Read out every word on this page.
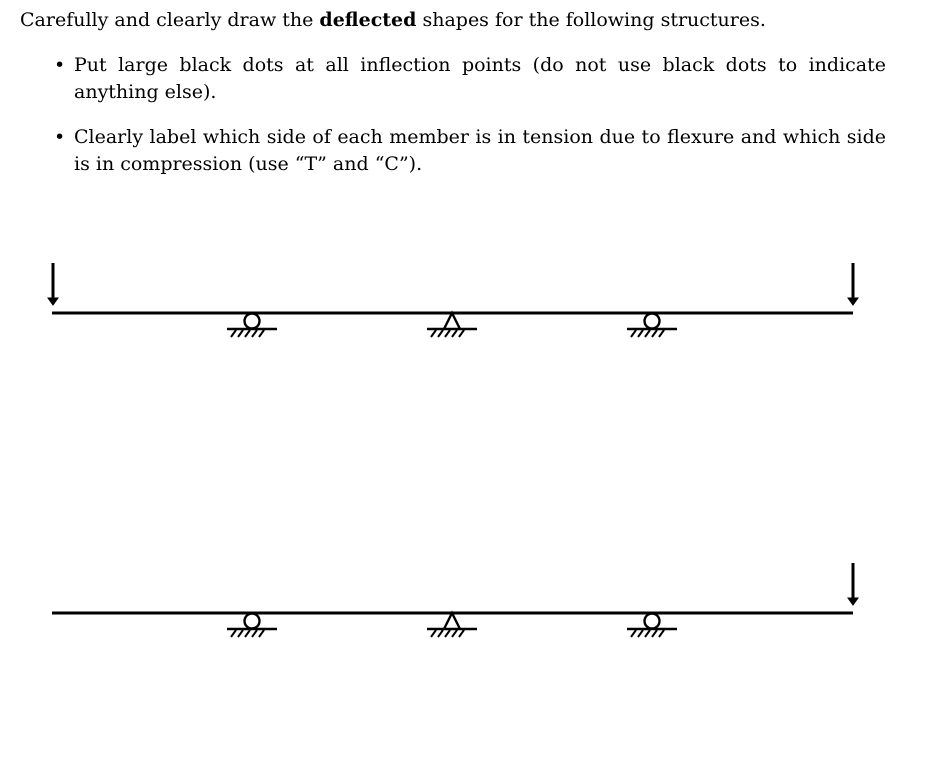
Carefully and clearly draw the deflected shapes for the following structures.

• Put large black dots at all inflection points (do not use black dots to indicate anything else).
• Clearly label which side of each member is in tension due to flexure and which side is in compression (use “T” and “C”).
